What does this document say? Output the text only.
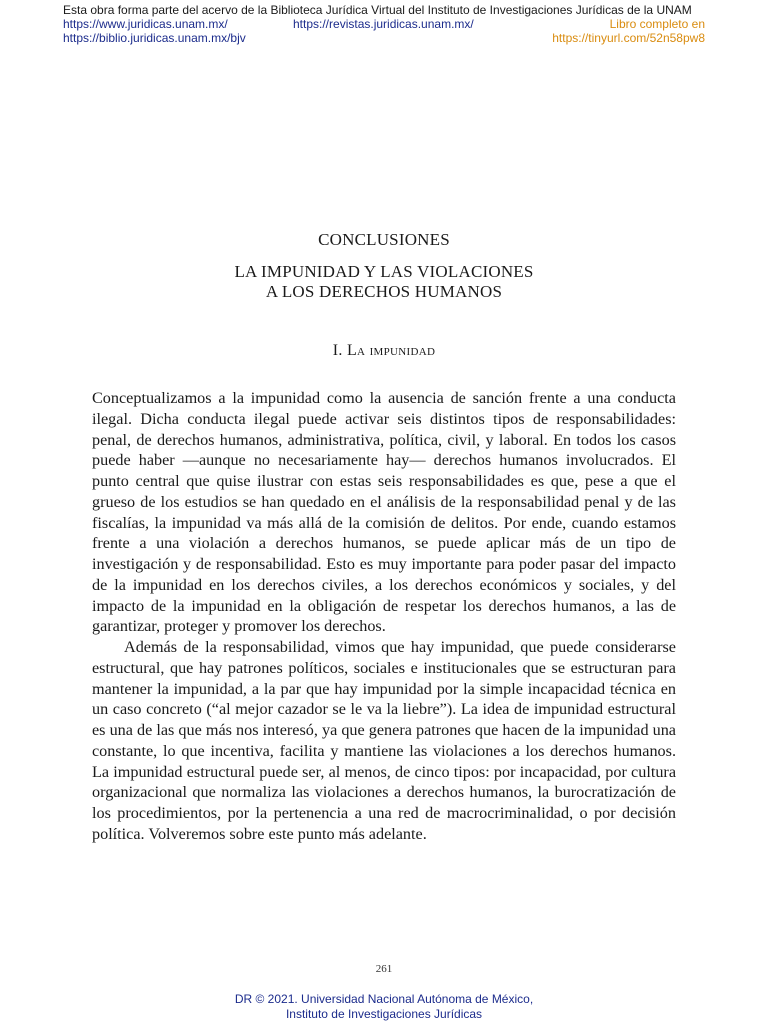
Esta obra forma parte del acervo de la Biblioteca Jurídica Virtual del Instituto de Investigaciones Jurídicas de la UNAM
https://www.juridicas.unam.mx/	https://revistas.juridicas.unam.mx/	Libro completo en
https://biblio.juridicas.unam.mx/bjv	https://tinyurl.com/52n58pw8
CONCLUSIONES
LA IMPUNIDAD Y LAS VIOLACIONES
A LOS DERECHOS HUMANOS
I. La impunidad

Conceptualizamos a la impunidad como la ausencia de sanción frente a una conducta ilegal. Dicha conducta ilegal puede activar seis distintos tipos de responsabilidades: penal, de derechos humanos, administrativa, política, civil, y laboral. En todos los casos puede haber —aunque no necesariamente hay— derechos humanos involucrados. El punto central que quise ilustrar con estas seis responsabilidades es que, pese a que el grueso de los estudios se han quedado en el análisis de la responsabilidad penal y de las fiscalías, la impunidad va más allá de la comisión de delitos. Por ende, cuando estamos frente a una violación a derechos humanos, se puede aplicar más de un tipo de investigación y de responsabilidad. Esto es muy importante para poder pasar del impacto de la impunidad en los derechos civiles, a los derechos económicos y sociales, y del impacto de la impunidad en la obligación de respetar los derechos humanos, a las de garantizar, proteger y promover los derechos.

Además de la responsabilidad, vimos que hay impunidad, que puede considerarse estructural, que hay patrones políticos, sociales e institucionales que se estructuran para mantener la impunidad, a la par que hay impunidad por la simple incapacidad técnica en un caso concreto (“al mejor cazador se le va la liebre”). La idea de impunidad estructural es una de las que más nos interesó, ya que genera patrones que hacen de la impunidad una constante, lo que incentiva, facilita y mantiene las violaciones a los derechos humanos. La impunidad estructural puede ser, al menos, de cinco tipos: por incapacidad, por cultura organizacional que normaliza las violaciones a derechos humanos, la burocratización de los procedimientos, por la pertenencia a una red de macrocriminalidad, o por decisión política. Volveremos sobre este punto más adelante.

261
DR © 2021. Universidad Nacional Autónoma de México,
Instituto de Investigaciones Jurídicas
